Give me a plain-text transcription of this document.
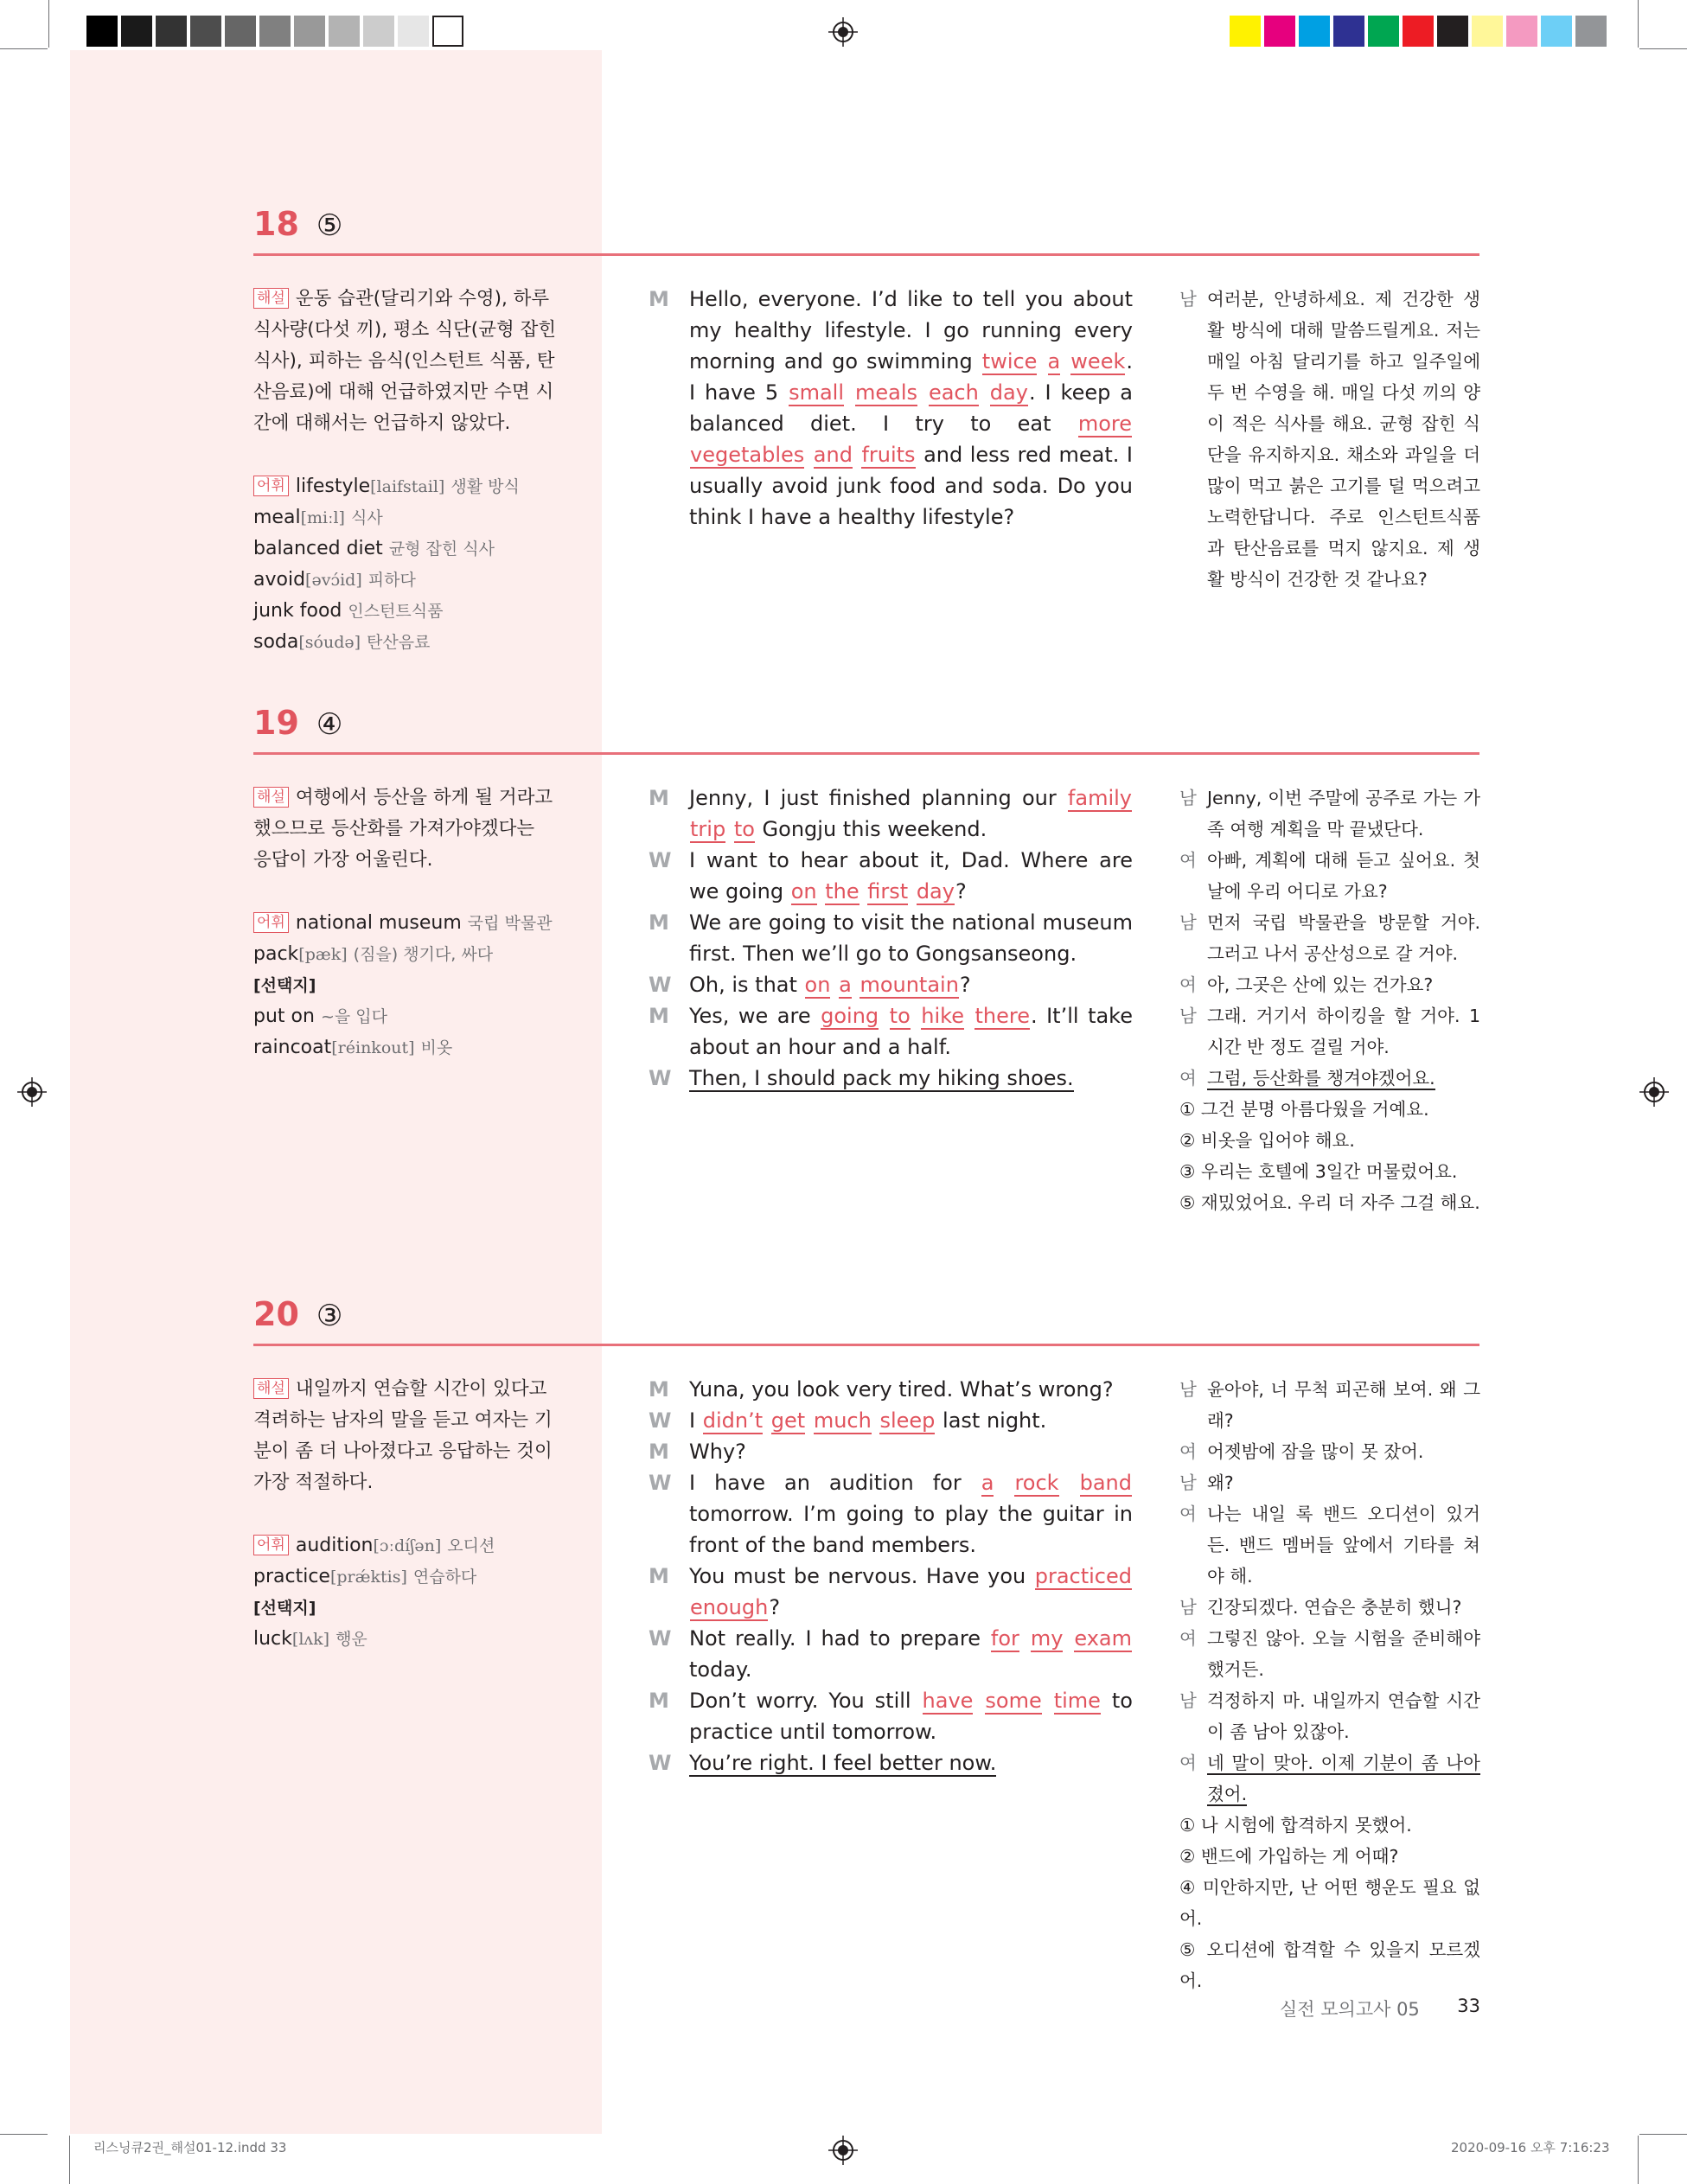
18 ⑤
해설 운동 습관(달리기와 수영), 하루 식사량(다섯 끼), 평소 식단(균형 잡힌 식사), 피하는 음식(인스턴트 식품, 탄산음료)에 대해 언급하였지만 수면 시간에 대해서는 언급하지 않았다.
어휘 lifestyle[laifstail] 생활 방식
meal[miːl] 식사
balanced diet 균형 잡힌 식사
avoid[əvɔ́id] 피하다
junk food 인스턴트식품
soda[sóudə] 탄산음료
M Hello, everyone. I’d like to tell you about my healthy lifestyle. I go running every morning and go swimming twice a week. I have 5 small meals each day. I keep a balanced diet. I try to eat more vegetables and fruits and less red meat. I usually avoid junk food and soda. Do you think I have a healthy lifestyle?
남 여러분, 안녕하세요. 제 건강한 생활 방식에 대해 말씀드릴게요. 저는 매일 아침 달리기를 하고 일주일에 두 번 수영을 해. 매일 다섯 끼의 양이 적은 식사를 해요. 균형 잡힌 식단을 유지하지요. 채소와 과일을 더 많이 먹고 붉은 고기를 덜 먹으려고 노력한답니다. 주로 인스턴트식품과 탄산음료를 먹지 않지요. 제 생활 방식이 건강한 것 같나요?
19 ④
해설 여행에서 등산을 하게 될 거라고 했으므로 등산화를 가져가야겠다는 응답이 가장 어울린다.
어휘 national museum 국립 박물관
pack[pæk] (짐을) 챙기다, 싸다
[선택지]
put on ~을 입다
raincoat[réinkout] 비옷
M Jenny, I just finished planning our family trip to Gongju this weekend.
W I want to hear about it, Dad. Where are we going on the first day?
M We are going to visit the national museum first. Then we’ll go to Gongsanseong.
W Oh, is that on a mountain?
M Yes, we are going to hike there. It’ll take about an hour and a half.
W Then, I should pack my hiking shoes.
남 Jenny, 이번 주말에 공주로 가는 가족 여행 계획을 막 끝냈단다.
여 아빠, 계획에 대해 듣고 싶어요. 첫날에 우리 어디로 가요?
남 먼저 국립 박물관을 방문할 거야. 그러고 나서 공산성으로 갈 거야.
여 아, 그곳은 산에 있는 건가요?
남 그래. 거기서 하이킹을 할 거야. 1시간 반 정도 걸릴 거야.
여 그럼, 등산화를 챙겨야겠어요.
① 그건 분명 아름다웠을 거예요.
② 비옷을 입어야 해요.
③ 우리는 호텔에 3일간 머물렀어요.
⑤ 재밌었어요. 우리 더 자주 그걸 해요.
20 ③
해설 내일까지 연습할 시간이 있다고 격려하는 남자의 말을 듣고 여자는 기분이 좀 더 나아졌다고 응답하는 것이 가장 적절하다.
어휘 audition[ɔːdíʃən] 오디션
practice[prǽktis] 연습하다
[선택지]
luck[lʌk] 행운
M Yuna, you look very tired. What’s wrong?
W I didn’t get much sleep last night.
M Why?
W I have an audition for a rock band tomorrow. I’m going to play the guitar in front of the band members.
M You must be nervous. Have you practiced enough?
W Not really. I had to prepare for my exam today.
M Don’t worry. You still have some time to practice until tomorrow.
W You’re right. I feel better now.
남 윤아야, 너 무척 피곤해 보여. 왜 그래?
여 어젯밤에 잠을 많이 못 잤어.
남 왜?
여 나는 내일 록 밴드 오디션이 있거든. 밴드 멤버들 앞에서 기타를 쳐야 해.
남 긴장되겠다. 연습은 충분히 했니?
여 그렇진 않아. 오늘 시험을 준비해야 했거든.
남 걱정하지 마. 내일까지 연습할 시간이 좀 남아 있잖아.
여 네 말이 맞아. 이제 기분이 좀 나아졌어.
① 나 시험에 합격하지 못했어.
② 밴드에 가입하는 게 어때?
④ 미안하지만, 난 어떤 행운도 필요 없어.
⑤ 오디션에 합격할 수 있을지 모르겠어.
실전 모의고사 05 33
리스닝큐2권_해설01-12.indd 33	2020-09-16 오후 7:16:23
